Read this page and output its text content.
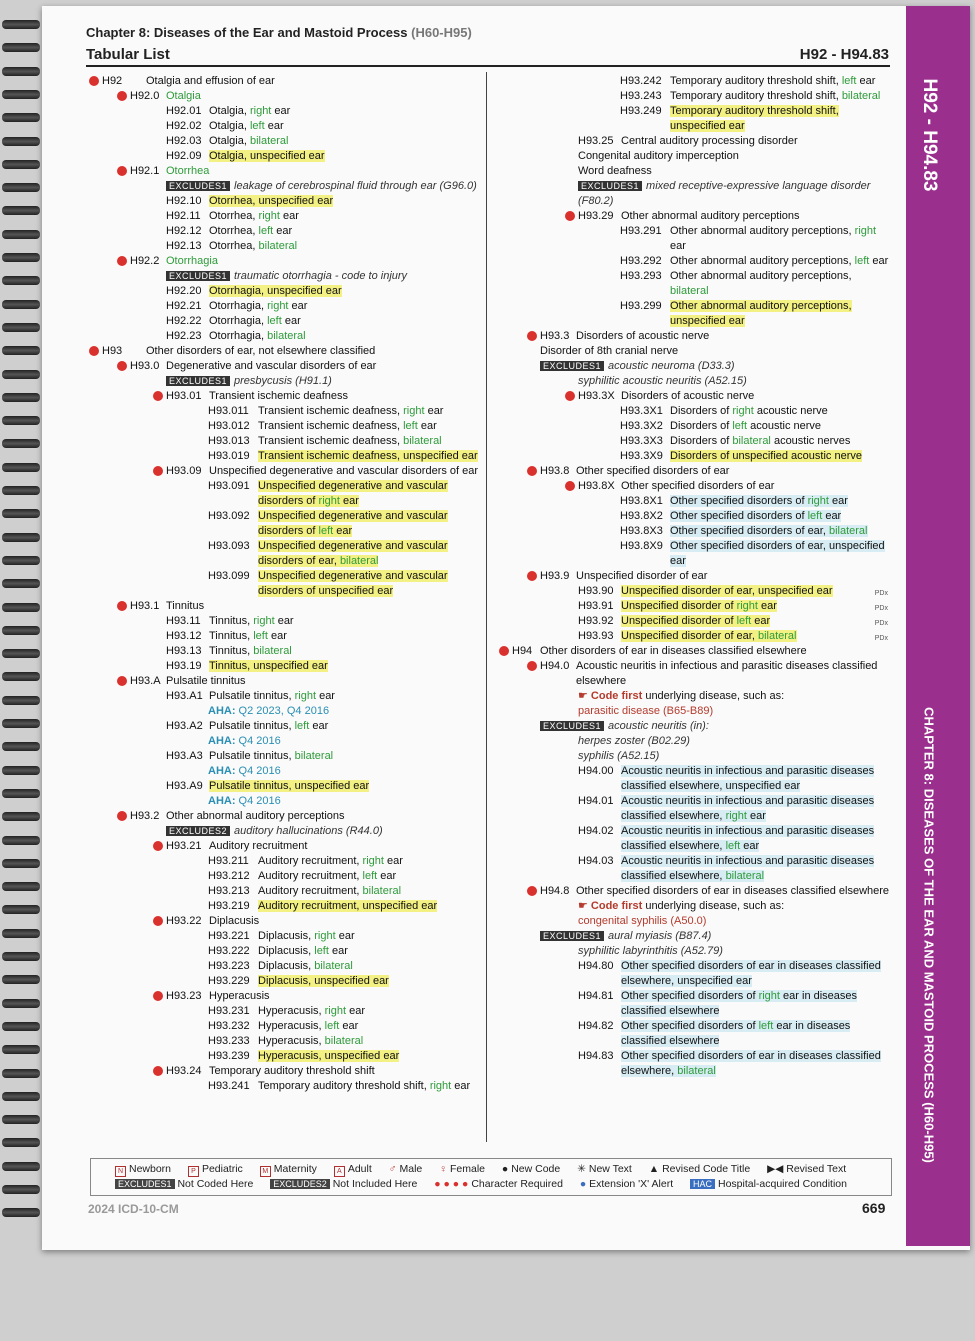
H92 - H94.83
CHAPTER 8: DISEASES OF THE EAR AND MASTOID PROCESS (H60-H95)
Chapter 8: Diseases of the Ear and Mastoid Process (H60-H95)
Tabular List	H92 - H94.83
H92	Otalgia and effusion of ear
H92.0 Otalgia
H92.01 Otalgia, right ear
H92.02 Otalgia, left ear
H92.03 Otalgia, bilateral
H92.09 Otalgia, unspecified ear
H92.1 Otorrhea
EXCLUDES1 leakage of cerebrospinal fluid through ear (G96.0)
H92.10 Otorrhea, unspecified ear
H92.11 Otorrhea, right ear
H92.12 Otorrhea, left ear
H92.13 Otorrhea, bilateral
H92.2 Otorrhagia
EXCLUDES1 traumatic otorrhagia - code to injury
H92.20 Otorrhagia, unspecified ear
H92.21 Otorrhagia, right ear
H92.22 Otorrhagia, left ear
H92.23 Otorrhagia, bilateral
H93	Other disorders of ear, not elsewhere classified
H93.0 Degenerative and vascular disorders of ear
EXCLUDES1 presbycusis (H91.1)
H93.01 Transient ischemic deafness
H93.011 Transient ischemic deafness, right ear
H93.012 Transient ischemic deafness, left ear
H93.013 Transient ischemic deafness, bilateral
H93.019 Transient ischemic deafness, unspecified ear
H93.09 Unspecified degenerative and vascular disorders of ear
H93.091 Unspecified degenerative and vascular disorders of right ear
H93.092 Unspecified degenerative and vascular disorders of left ear
H93.093 Unspecified degenerative and vascular disorders of ear, bilateral
H93.099 Unspecified degenerative and vascular disorders of unspecified ear
H93.1 Tinnitus
H93.11 Tinnitus, right ear
H93.12 Tinnitus, left ear
H93.13 Tinnitus, bilateral
H93.19 Tinnitus, unspecified ear
H93.A Pulsatile tinnitus
H93.A1 Pulsatile tinnitus, right ear
AHA: Q2 2023, Q4 2016
H93.A2 Pulsatile tinnitus, left ear
AHA: Q4 2016
H93.A3 Pulsatile tinnitus, bilateral
AHA: Q4 2016
H93.A9 Pulsatile tinnitus, unspecified ear
AHA: Q4 2016
H93.2 Other abnormal auditory perceptions
EXCLUDES2 auditory hallucinations (R44.0)
H93.21 Auditory recruitment
H93.211 Auditory recruitment, right ear
H93.212 Auditory recruitment, left ear
H93.213 Auditory recruitment, bilateral
H93.219 Auditory recruitment, unspecified ear
H93.22 Diplacusis
H93.221 Diplacusis, right ear
H93.222 Diplacusis, left ear
H93.223 Diplacusis, bilateral
H93.229 Diplacusis, unspecified ear
H93.23 Hyperacusis
H93.231 Hyperacusis, right ear
H93.232 Hyperacusis, left ear
H93.233 Hyperacusis, bilateral
H93.239 Hyperacusis, unspecified ear
H93.24 Temporary auditory threshold shift
H93.241 Temporary auditory threshold shift, right ear
H93.242 Temporary auditory threshold shift, left ear
H93.243 Temporary auditory threshold shift, bilateral
H93.249 Temporary auditory threshold shift, unspecified ear
H93.25 Central auditory processing disorder
Congenital auditory imperception
Word deafness
EXCLUDES1 mixed receptive-expressive language disorder (F80.2)
H93.29 Other abnormal auditory perceptions
H93.291 Other abnormal auditory perceptions, right ear
H93.292 Other abnormal auditory perceptions, left ear
H93.293 Other abnormal auditory perceptions, bilateral
H93.299 Other abnormal auditory perceptions, unspecified ear
H93.3 Disorders of acoustic nerve
Disorder of 8th cranial nerve
EXCLUDES1 acoustic neuroma (D33.3)
syphilitic acoustic neuritis (A52.15)
H93.3X Disorders of acoustic nerve
H93.3X1 Disorders of right acoustic nerve
H93.3X2 Disorders of left acoustic nerve
H93.3X3 Disorders of bilateral acoustic nerves
H93.3X9 Disorders of unspecified acoustic nerve
H93.8 Other specified disorders of ear
H93.8X Other specified disorders of ear
H93.8X1 Other specified disorders of right ear
H93.8X2 Other specified disorders of left ear
H93.8X3 Other specified disorders of ear, bilateral
H93.8X9 Other specified disorders of ear, unspecified ear
H93.9 Unspecified disorder of ear
H93.90 Unspecified disorder of ear, unspecified ear	PDx
H93.91 Unspecified disorder of right ear	PDx
H93.92 Unspecified disorder of left ear	PDx
H93.93 Unspecified disorder of ear, bilateral	PDx
H94 Other disorders of ear in diseases classified elsewhere
H94.0 Acoustic neuritis in infectious and parasitic diseases classified elsewhere
☛ Code first underlying disease, such as:
parasitic disease (B65-B89)
EXCLUDES1 acoustic neuritis (in):
herpes zoster (B02.29)
syphilis (A52.15)
H94.00 Acoustic neuritis in infectious and parasitic diseases classified elsewhere, unspecified ear
H94.01 Acoustic neuritis in infectious and parasitic diseases classified elsewhere, right ear
H94.02 Acoustic neuritis in infectious and parasitic diseases classified elsewhere, left ear
H94.03 Acoustic neuritis in infectious and parasitic diseases classified elsewhere, bilateral
H94.8 Other specified disorders of ear in diseases classified elsewhere
☛ Code first underlying disease, such as:
congenital syphilis (A50.0)
EXCLUDES1 aural myiasis (B87.4)
syphilitic labyrinthitis (A52.79)
H94.80 Other specified disorders of ear in diseases classified elsewhere, unspecified ear
H94.81 Other specified disorders of right ear in diseases classified elsewhere
H94.82 Other specified disorders of left ear in diseases classified elsewhere
H94.83 Other specified disorders of ear in diseases classified elsewhere, bilateral
N Newborn	P Pediatric	M Maternity	A Adult ♂ Male ♀ Female ● New Code ✳ New Text ▲ Revised Code Title ▶◀ Revised Text
EXCLUDES1 Not Coded Here EXCLUDES2 Not Included Here ● ● ● ● Character Required ● Extension 'X' Alert HAC Hospital-acquired Condition
2024 ICD-10-CM	669
